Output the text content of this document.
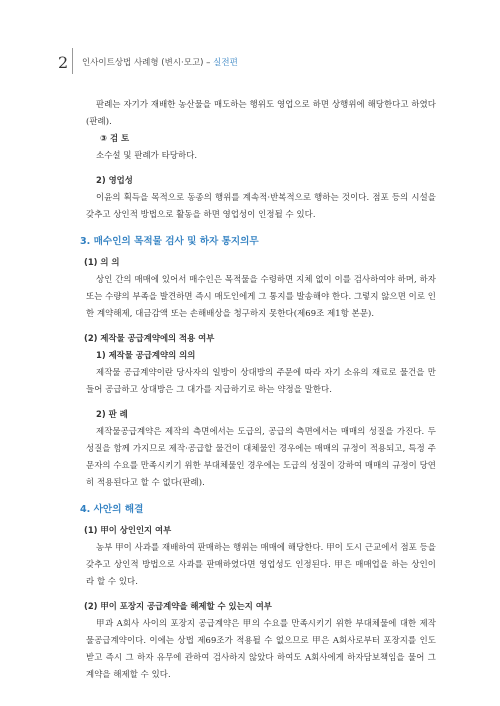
2 인사이트상법 사례형 (변시·모고) – 실전편

판례는 자기가 재배한 농산물을 매도하는 행위도 영업으로 하면 상행위에 해당한다고 하였다(판례).

③ 검 토

소수설 및 판례가 타당하다.

2) 영업성

이윤의 획득을 목적으로 동종의 행위를 계속적·반복적으로 행하는 것이다. 점포 등의 시설을 갖추고 상인적 방법으로 활동을 하면 영업성이 인정될 수 있다.

3. 매수인의 목적물 검사 및 하자 통지의무

(1) 의 의

상인 간의 매매에 있어서 매수인은 목적물을 수령하면 지체 없이 이를 검사하여야 하며, 하자 또는 수량의 부족을 발견하면 즉시 매도인에게 그 통지를 발송해야 한다. 그렇지 않으면 이로 인한 계약해제, 대금감액 또는 손해배상을 청구하지 못한다(제69조 제1항 본문).

(2) 제작물 공급계약에의 적용 여부

1) 제작물 공급계약의 의의

제작물 공급계약이란 당사자의 일방이 상대방의 주문에 따라 자기 소유의 재료로 물건을 만들어 공급하고 상대방은 그 대가를 지급하기로 하는 약정을 말한다.

2) 판 례

제작물공급계약은 제작의 측면에서는 도급의, 공급의 측면에서는 매매의 성질을 가진다. 두 성질을 함께 가지므로 제작·공급할 물건이 대체물인 경우에는 매매의 규정이 적용되고, 특정 주문자의 수요를 만족시키기 위한 부대체물인 경우에는 도급의 성질이 강하여 매매의 규정이 당연히 적용된다고 할 수 없다(판례).

4. 사안의 해결

(1) 甲이 상인인지 여부

농부 甲이 사과를 재배하여 판매하는 행위는 매매에 해당한다. 甲이 도시 근교에서 점포 등을 갖추고 상인적 방법으로 사과를 판매하였다면 영업성도 인정된다. 甲은 매매업을 하는 상인이라 할 수 있다.

(2) 甲이 포장지 공급계약을 해제할 수 있는지 여부

甲과 A회사 사이의 포장지 공급계약은 甲의 수요를 만족시키기 위한 부대체물에 대한 제작물공급계약이다. 이에는 상법 제69조가 적용될 수 없으므로 甲은 A회사로부터 포장지를 인도받고 즉시 그 하자 유무에 관하여 검사하지 않았다 하여도 A회사에게 하자담보책임을 물어 그 계약을 해제할 수 있다.
